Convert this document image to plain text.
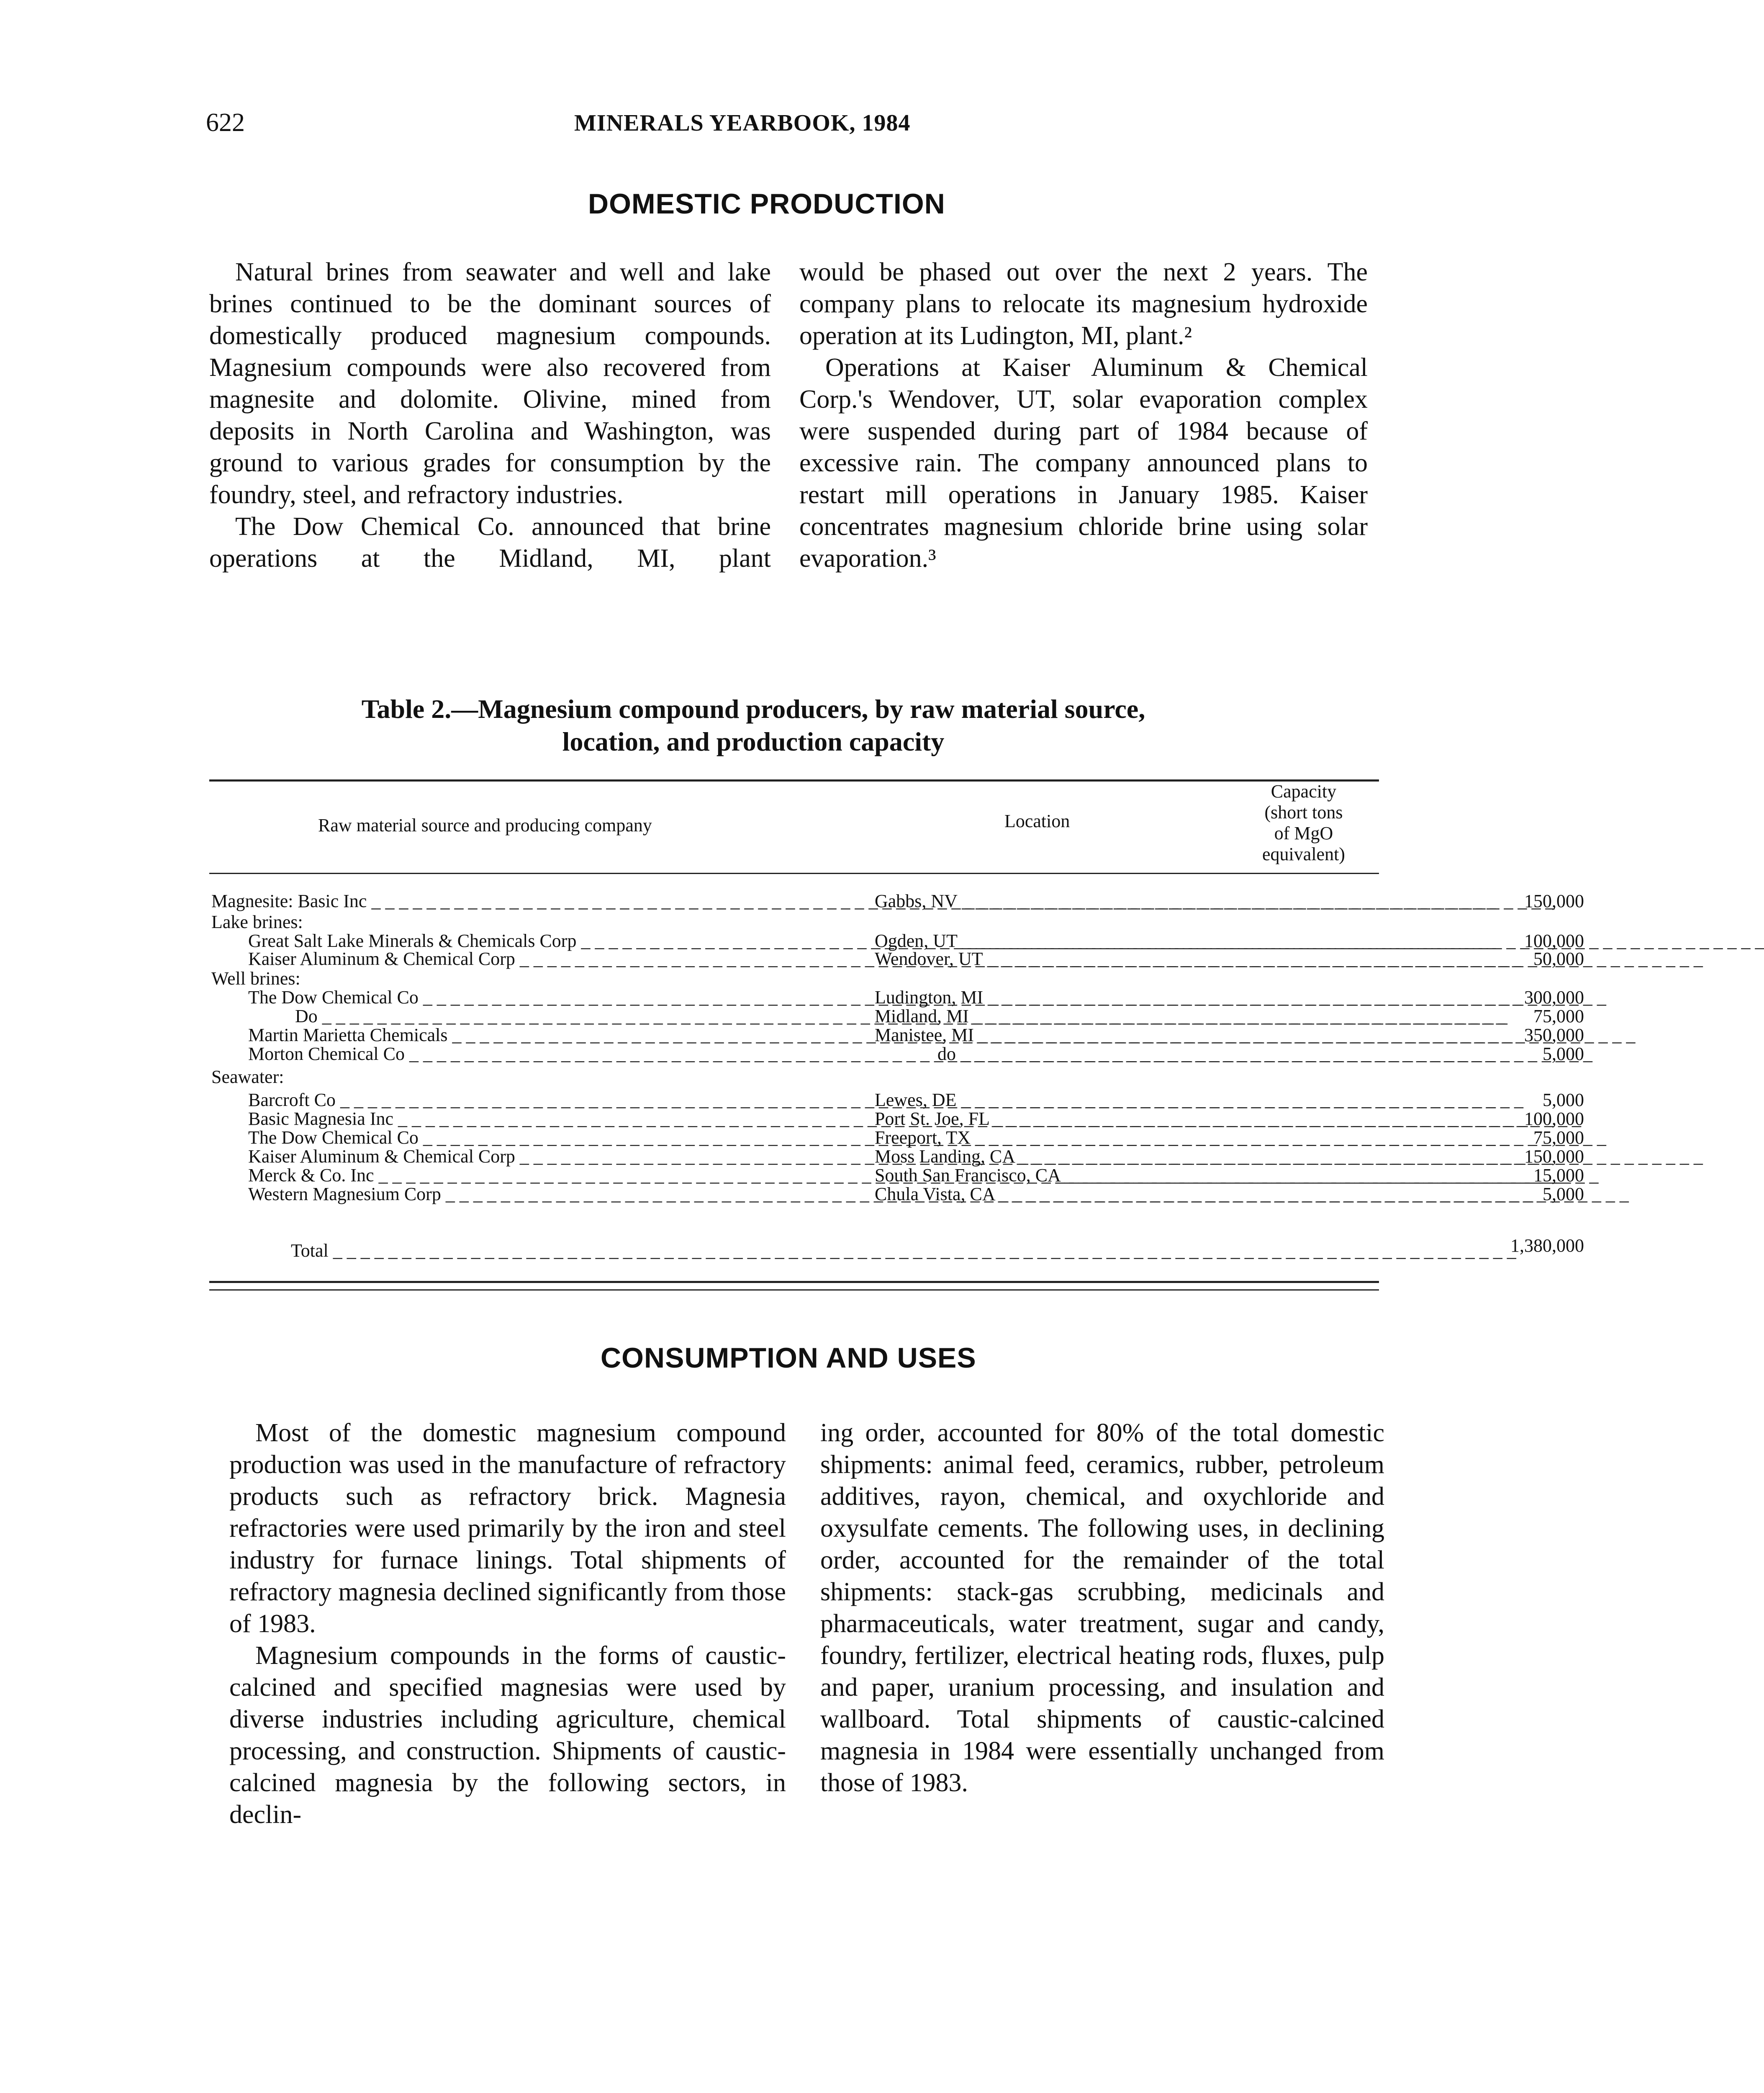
622	MINERALS YEARBOOK, 1984
DOMESTIC PRODUCTION

Natural brines from seawater and well and lake brines continued to be the dominant sources of domestically produced magnesium compounds. Magnesium compounds were also recovered from magnesite and dolomite. Olivine, mined from deposits in North Carolina and Washington, was ground to various grades for consumption by the foundry, steel, and refractory industries.

The Dow Chemical Co. announced that brine operations at the Midland, MI, plant

would be phased out over the next 2 years. The company plans to relocate its magnesium hydroxide operation at its Ludington, MI, plant.²

Operations at Kaiser Aluminum & Chemical Corp.'s Wendover, UT, solar evaporation complex were suspended during part of 1984 because of excessive rain. The company announced plans to restart mill operations in January 1985. Kaiser concentrates magnesium chloride brine using solar evaporation.³

Table 2.—Magnesium compound producers, by raw material source,
location, and production capacity
Raw material source and producing company	Location
Capacity
(short tons
of MgO
equivalent)
Magnesite: Basic Inc _ _ _	Gabbs, NV _ _ _	150,000
Lake brines:
Great Salt Lake Minerals & Chemicals Corp _ _ _	Ogden, UT _ _ _	100,000
Kaiser Aluminum & Chemical Corp _ _ _	Wendover, UT _ _ _	50,000
Well brines:
The Dow Chemical Co _ _ _	Ludington, MI _ _ _	300,000
Do _ _ _	Midland, MI _ _ _	75,000
Martin Marietta Chemicals _ _ _	Manistee, MI _ _ _	350,000
Morton Chemical Co _ _ _	do _ _ _	5,000
Seawater:
Barcroft Co _ _ _	Lewes, DE _ _ _	5,000
Basic Magnesia Inc _ _ _	Port St. Joe, FL _ _ _	100,000
The Dow Chemical Co _ _ _	Freeport, TX _ _ _	75,000
Kaiser Aluminum & Chemical Corp _ _ _	Moss Landing, CA _ _ _	150,000
Merck & Co. Inc _ _ _	South San Francisco, CA _ _ _	15,000
Western Magnesium Corp _ _ _	Chula Vista, CA _ _ _	5,000
Total _ _ _	1,380,000
CONSUMPTION AND USES

Most of the domestic magnesium compound production was used in the manufacture of refractory products such as refractory brick. Magnesia refractories were used primarily by the iron and steel industry for furnace linings. Total shipments of refractory magnesia declined significantly from those of 1983.

Magnesium compounds in the forms of caustic-calcined and specified magnesias were used by diverse industries including agriculture, chemical processing, and construction. Shipments of caustic-calcined magnesia by the following sectors, in declin-

ing order, accounted for 80% of the total domestic shipments: animal feed, ceramics, rubber, petroleum additives, rayon, chemical, and oxychloride and oxysulfate cements. The following uses, in declining order, accounted for the remainder of the total shipments: stack-gas scrubbing, medicinals and pharmaceuticals, water treatment, sugar and candy, foundry, fertilizer, electrical heating rods, fluxes, pulp and paper, uranium processing, and insulation and wallboard. Total shipments of caustic-calcined magnesia in 1984 were essentially unchanged from those of 1983.
